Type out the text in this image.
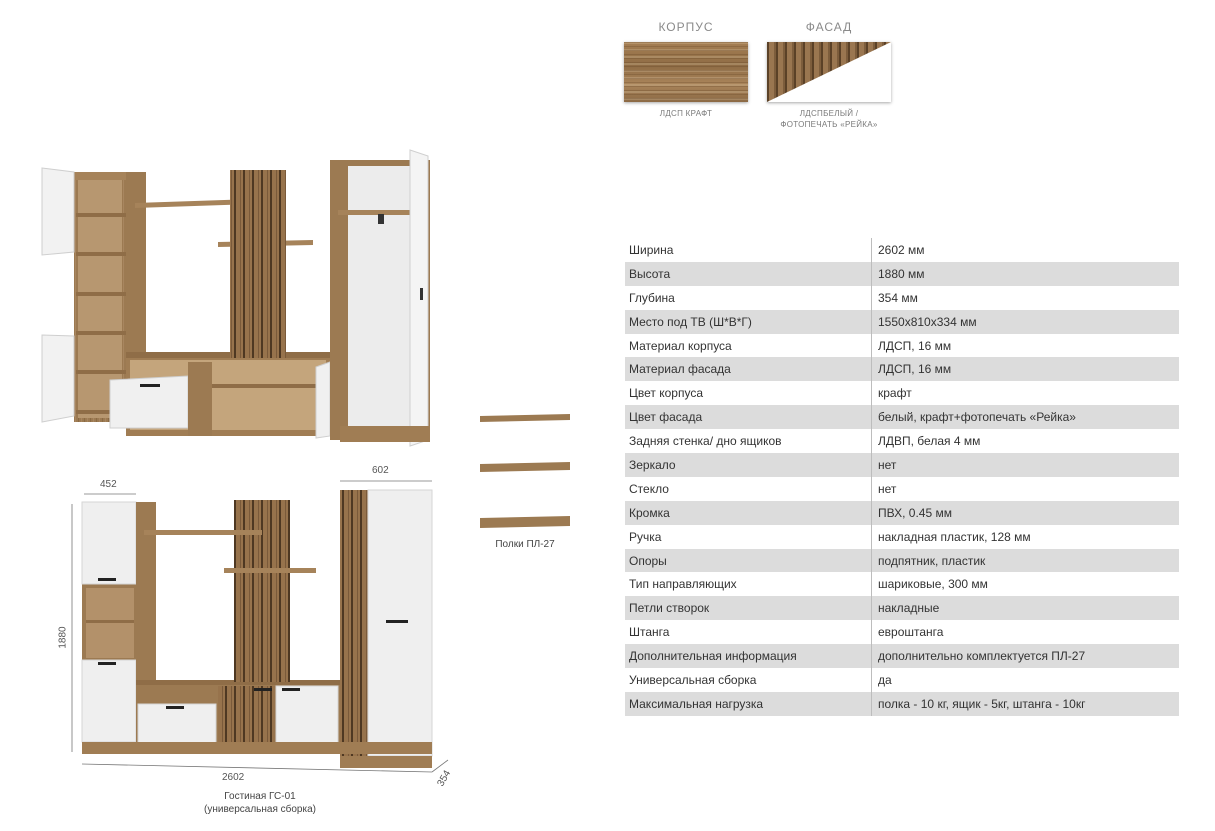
КОРПУС
ЛДСП КРАФТ
ФАСАД
ЛДСПБЕЛЫЙ /
ФОТОПЕЧАТЬ «РЕЙКА»
452
602
1880
2602	354
Полки ПЛ-27
Гостиная ГС-01
(универсальная сборка)
Ширина	2602 мм
Высота	1880 мм
Глубина	354 мм
Место под ТВ (Ш*В*Г)	1550x810x334 мм
Материал корпуса	ЛДСП, 16 мм
Материал фасада	ЛДСП, 16 мм
Цвет корпуса	крафт
Цвет фасада	белый, крафт+фотопечать «Рейка»
Задняя стенка/ дно ящиков	ЛДВП, белая 4 мм
Зеркало	нет
Стекло	нет
Кромка	ПВХ, 0.45 мм
Ручка	накладная пластик, 128 мм
Опоры	подпятник, пластик
Тип направляющих	шариковые, 300 мм
Петли створок	накладные
Штанга	евроштанга
Дополнительная информация	дополнительно комплектуется ПЛ-27
Универсальная сборка	да
Максимальная нагрузка	полка - 10 кг, ящик - 5кг, штанга - 10кг
